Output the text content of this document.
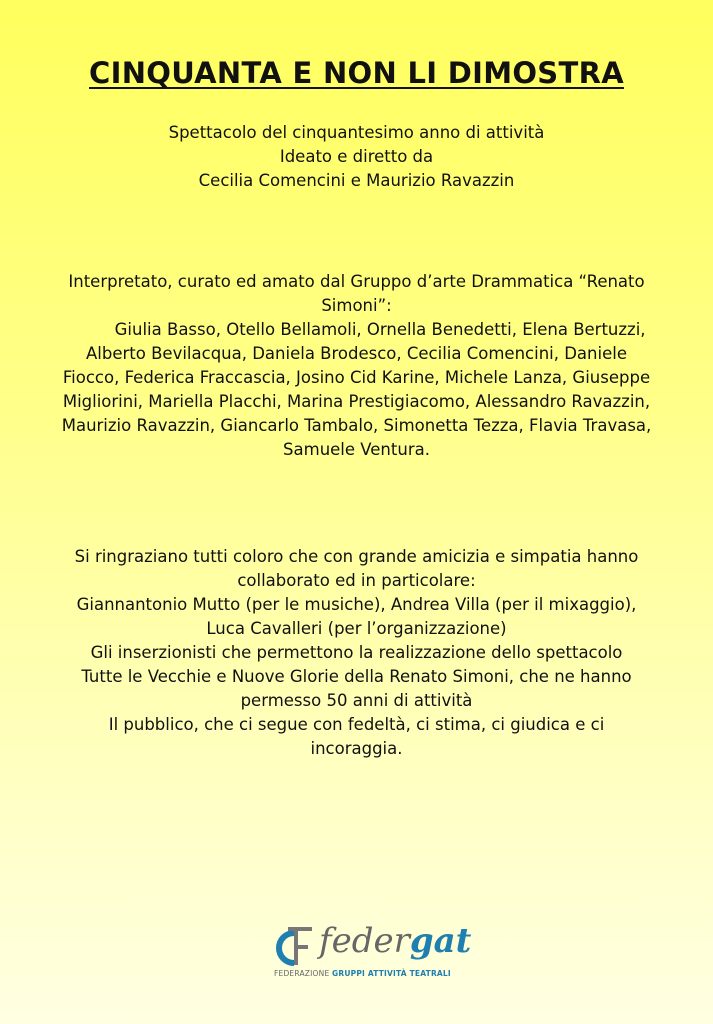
CINQUANTA E NON LI DIMOSTRA
Spettacolo del cinquantesimo anno di attività
Ideato e diretto da
Cecilia Comencini e Maurizio Ravazzin
Interpretato, curato ed amato dal Gruppo d’arte Drammatica “Renato
Simoni”:
Giulia Basso, Otello Bellamoli, Ornella Benedetti, Elena Bertuzzi,
Alberto Bevilacqua, Daniela Brodesco, Cecilia Comencini, Daniele
Fiocco, Federica Fraccascia, Josino Cid Karine, Michele Lanza, Giuseppe
Migliorini, Mariella Placchi, Marina Prestigiacomo, Alessandro Ravazzin,
Maurizio Ravazzin, Giancarlo Tambalo, Simonetta Tezza, Flavia Travasa,
Samuele Ventura.
Si ringraziano tutti coloro che con grande amicizia e simpatia hanno
collaborato ed in particolare:
Giannantonio Mutto (per le musiche), Andrea Villa (per il mixaggio),
Luca Cavalleri (per l’organizzazione)
Gli inserzionisti che permettono la realizzazione dello spettacolo
Tutte le Vecchie e Nuove Glorie della Renato Simoni, che ne hanno
permesso 50 anni di attività
Il pubblico, che ci segue con fedeltà, ci stima, ci giudica e ci
incoraggia.
federgat
FEDERAZIONE GRUPPI ATTIVITÀ TEATRALI
